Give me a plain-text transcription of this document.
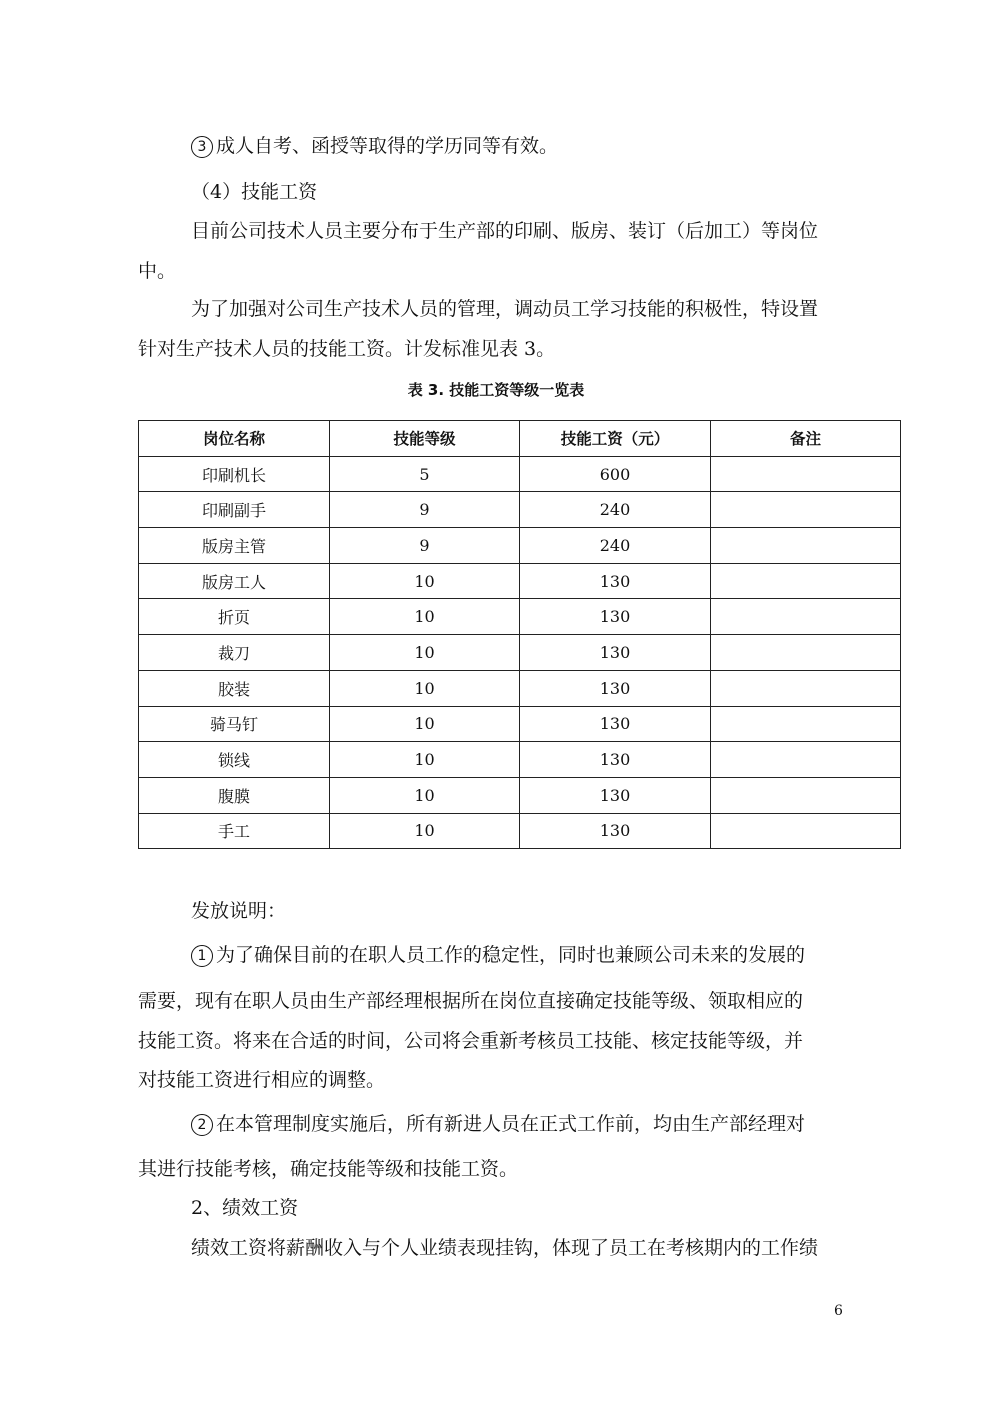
3 成人自考、函授等取得的学历同等有效。
（4）技能工资
目前公司技术人员主要分布于生产部的印刷、版房、装订（后加工）等岗位
中。
为了加强对公司生产技术人员的管理，调动员工学习技能的积极性，特设置
针对生产技术人员的技能工资。计发标准见表 3。
表 3. 技能工资等级一览表
岗位名称	技能等级	技能工资（元）	备注
印刷机长	5	600	
印刷副手	9	240	
版房主管	9	240	
版房工人	10	130	
折页	10	130	
裁刀	10	130	
胶装	10	130	
骑马钉	10	130	
锁线	10	130	
腹膜	10	130	
手工	10	130	
发放说明：
1 为了确保目前的在职人员工作的稳定性，同时也兼顾公司未来的发展的
需要，现有在职人员由生产部经理根据所在岗位直接确定技能等级、领取相应的
技能工资。将来在合适的时间，公司将会重新考核员工技能、核定技能等级，并
对技能工资进行相应的调整。
2 在本管理制度实施后，所有新进人员在正式工作前，均由生产部经理对
其进行技能考核，确定技能等级和技能工资。
2、绩效工资
绩效工资将薪酬收入与个人业绩表现挂钩，体现了员工在考核期内的工作绩
6
